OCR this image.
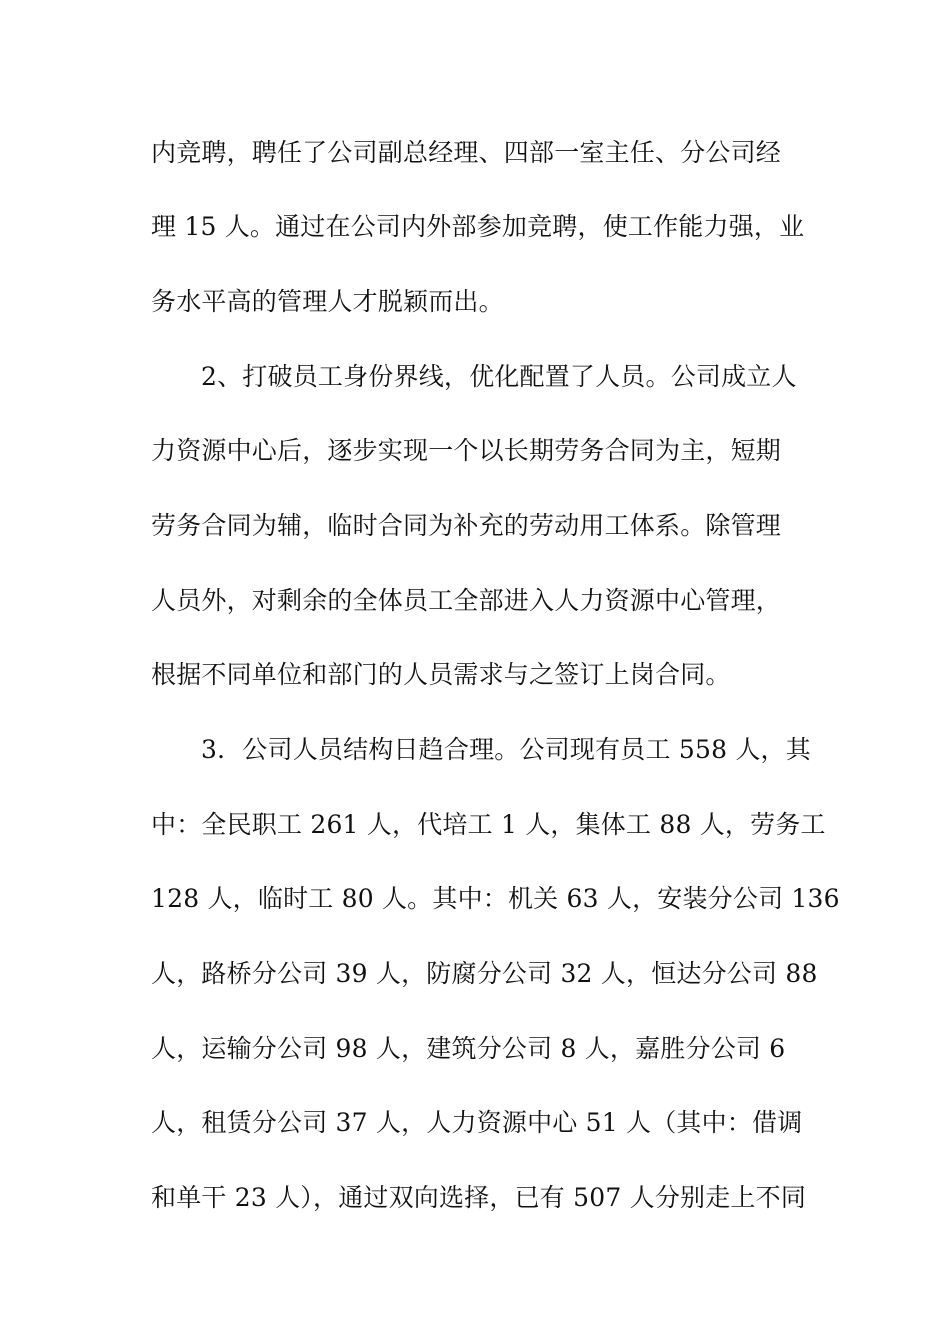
内竞聘，聘任了公司副总经理、四部一室主任、分公司经
理 15 人。通过在公司内外部参加竞聘，使工作能力强，业
务水平高的管理人才脱颖而出。
2、打破员工身份界线，优化配置了人员。公司成立人
力资源中心后，逐步实现一个以长期劳务合同为主，短期
劳务合同为辅，临时合同为补充的劳动用工体系。除管理
人员外，对剩余的全体员工全部进入人力资源中心管理，
根据不同单位和部门的人员需求与之签订上岗合同。
3．公司人员结构日趋合理。公司现有员工 558 人，其
中：全民职工 261 人，代培工 1 人，集体工 88 人，劳务工
128 人，临时工 80 人。其中：机关 63 人，安装分公司 136
人，路桥分公司 39 人，防腐分公司 32 人，恒达分公司 88
人，运输分公司 98 人，建筑分公司 8 人，嘉胜分公司 6
人，租赁分公司 37 人，人力资源中心 51 人（其中：借调
和单干 23 人），通过双向选择，已有 507 人分别走上不同
